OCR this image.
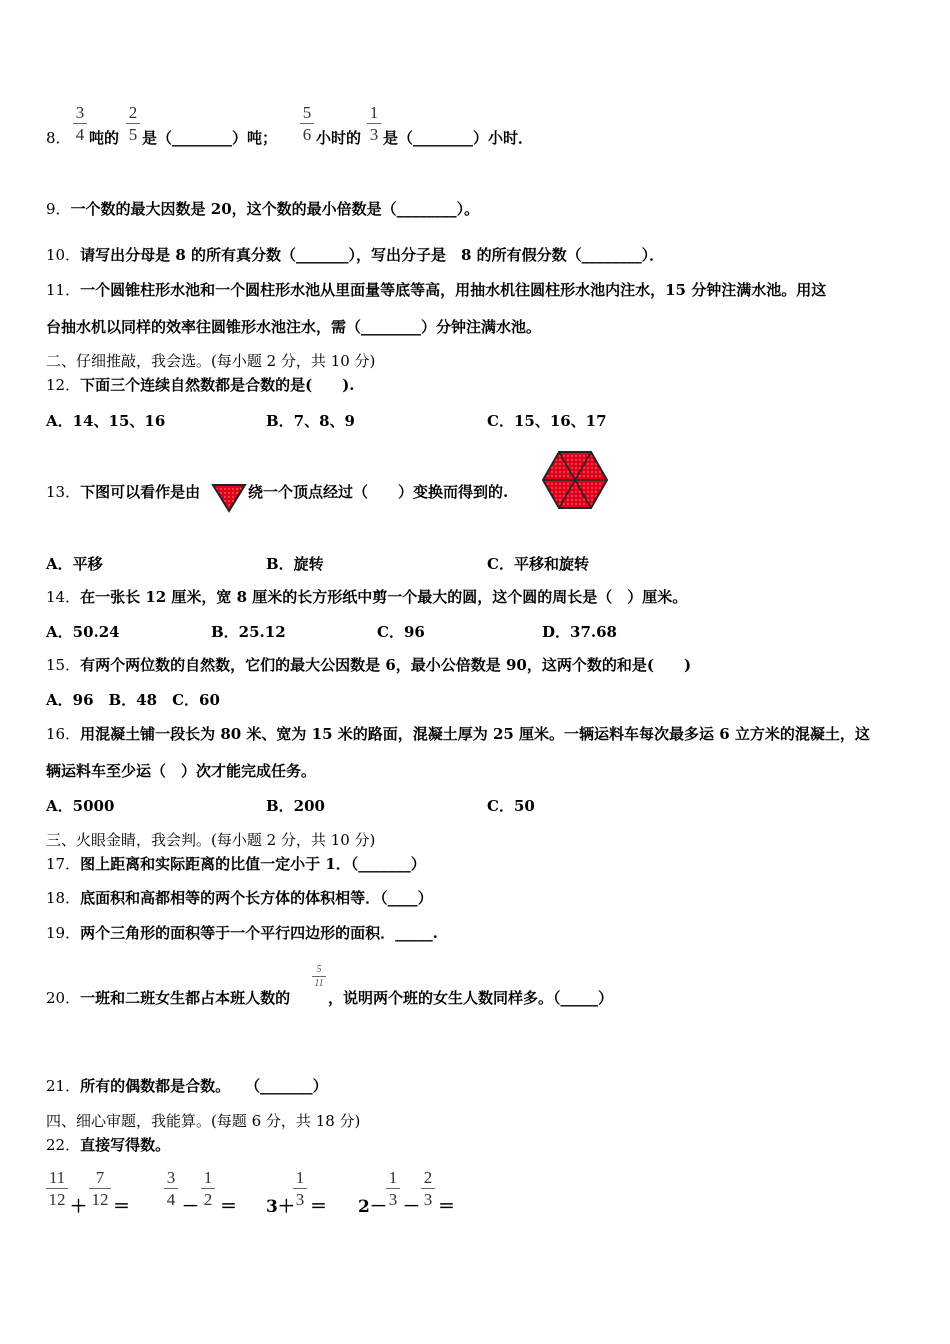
8．
3
4 吨的
2
5 是（________）吨；
5
6 小时的
1
3 是（________）小时．
9．一个数的最大因数是 20，这个数的最小倍数是（________）。
10．请写出分母是 8 的所有真分数（_______），写出分子是　8 的所有假分数（________）．
11．一个圆锥柱形水池和一个圆柱形水池从里面量等底等高，用抽水机往圆柱形水池内注水，15 分钟注满水池。用这
台抽水机以同样的效率往圆锥形水池注水，需（________）分钟注满水池。
二、仔细推敲，我会选。(每小题 2 分，共 10 分)
12．下面三个连续自然数都是合数的是(　　).
A．14、15、16	B．7、8、9	C．15、16、17
13．下图可以看作是由	绕一个顶点经过（　　）变换而得到的.
A．平移	B．旋转	C．平移和旋转
14．在一张长 12 厘米，宽 8 厘米的长方形纸中剪一个最大的圆，这个圆的周长是（　）厘米。
A．50.24	B．25.12	C．96	D．37.68
15．有两个两位数的自然数，它们的最大公因数是 6，最小公倍数是 90，这两个数的和是(　　)
A．96　B．48　C．60
16．用混凝土铺一段长为 80 米、宽为 15 米的路面，混凝土厚为 25 厘米。一辆运料车每次最多运 6 立方米的混凝土，这
辆运料车至少运（　）次才能完成任务。
A．5000	B．200	C．50
三、火眼金睛，我会判。(每小题 2 分，共 10 分)
17．图上距离和实际距离的比值一定小于 1．（_______）
18．底面积和高都相等的两个长方体的体积相等．（____）
19．两个三角形的面积等于一个平行四边形的面积．_____.
20．一班和二班女生都占本班人数的
5
11
，说明两个班的女生人数同样多。（_____）
21．所有的偶数都是合数。　　（_______）
四、细心审题，我能算。(每题 6 分，共 18 分)
22．直接写得数。
11
12 ＋
7
12 ＝
3
4 －
1
2 ＝ 3＋
1
3 ＝ 2－
1
3 －
2
3 ＝
